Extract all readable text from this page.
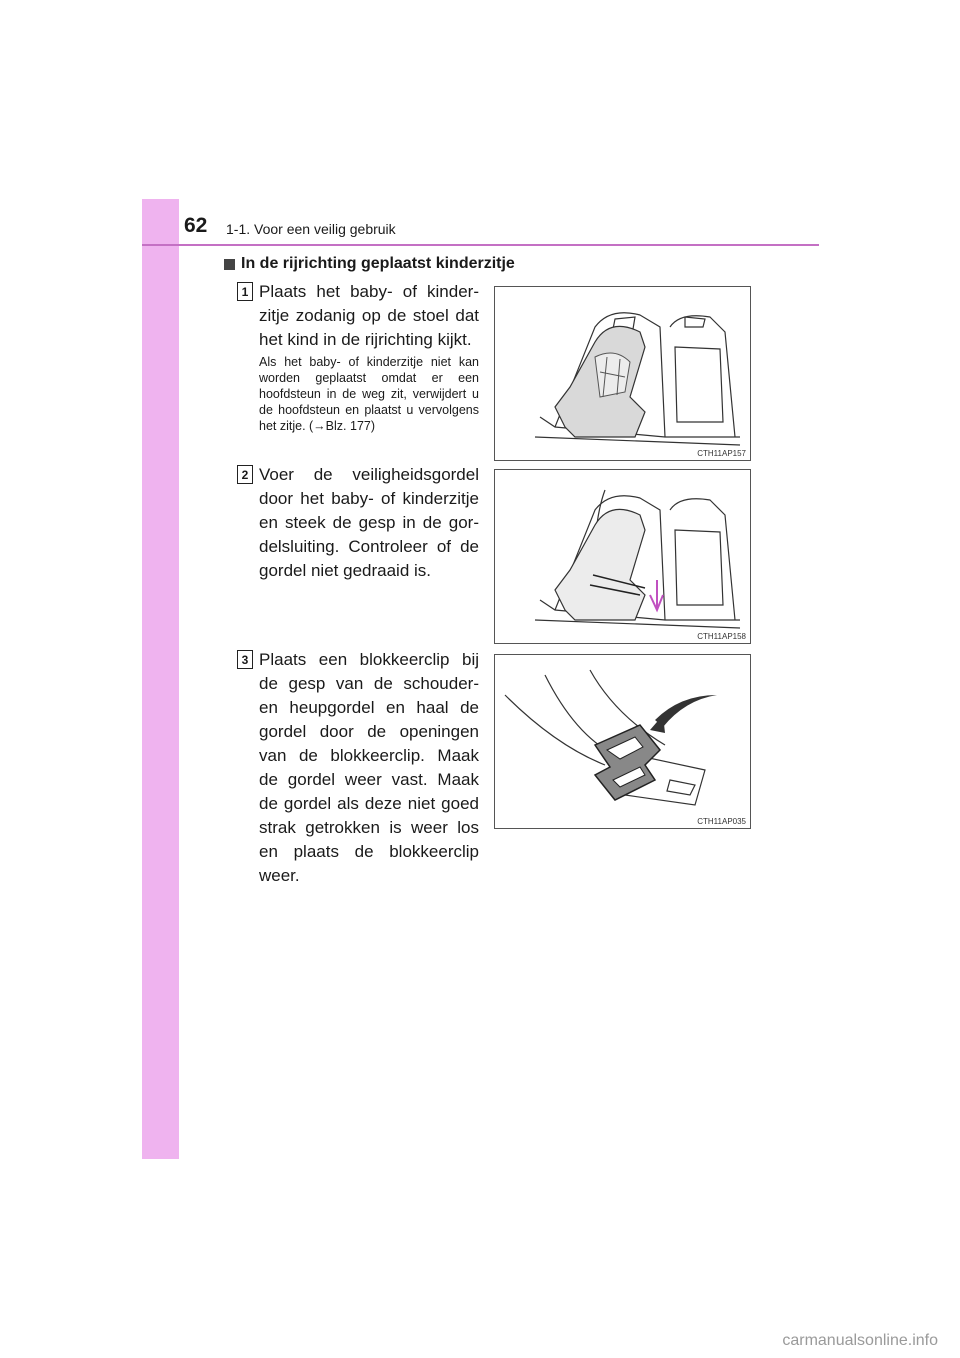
62 1-1. Voor een veilig gebruik
In de rijrichting geplaatst kinderzitje
1 Plaats het baby- of kinder-zitje zodanig op de stoel dat het kind in de rijrichting kijkt.

Als het baby- of kinderzitje niet kan worden geplaatst omdat er een hoofdsteun in de weg zit, verwijdert u de hoofdsteun en plaatst u vervolgens het zitje. (→Blz. 177)

CTH11AP157
2 Voer de veiligheidsgordel door het baby- of kinderzitje en steek de gesp in de gor-delsluiting. Controleer of de gordel niet gedraaid is.

CTH11AP158
3 Plaats een blokkeerclip bij de gesp van de schouder- en heupgordel en haal de gordel door de openingen van de blokkeerclip. Maak de gordel weer vast. Maak de gordel als deze niet goed strak getrokken is weer los en plaats de blokkeerclip weer.

CTH11AP035
carmanualsonline.info
